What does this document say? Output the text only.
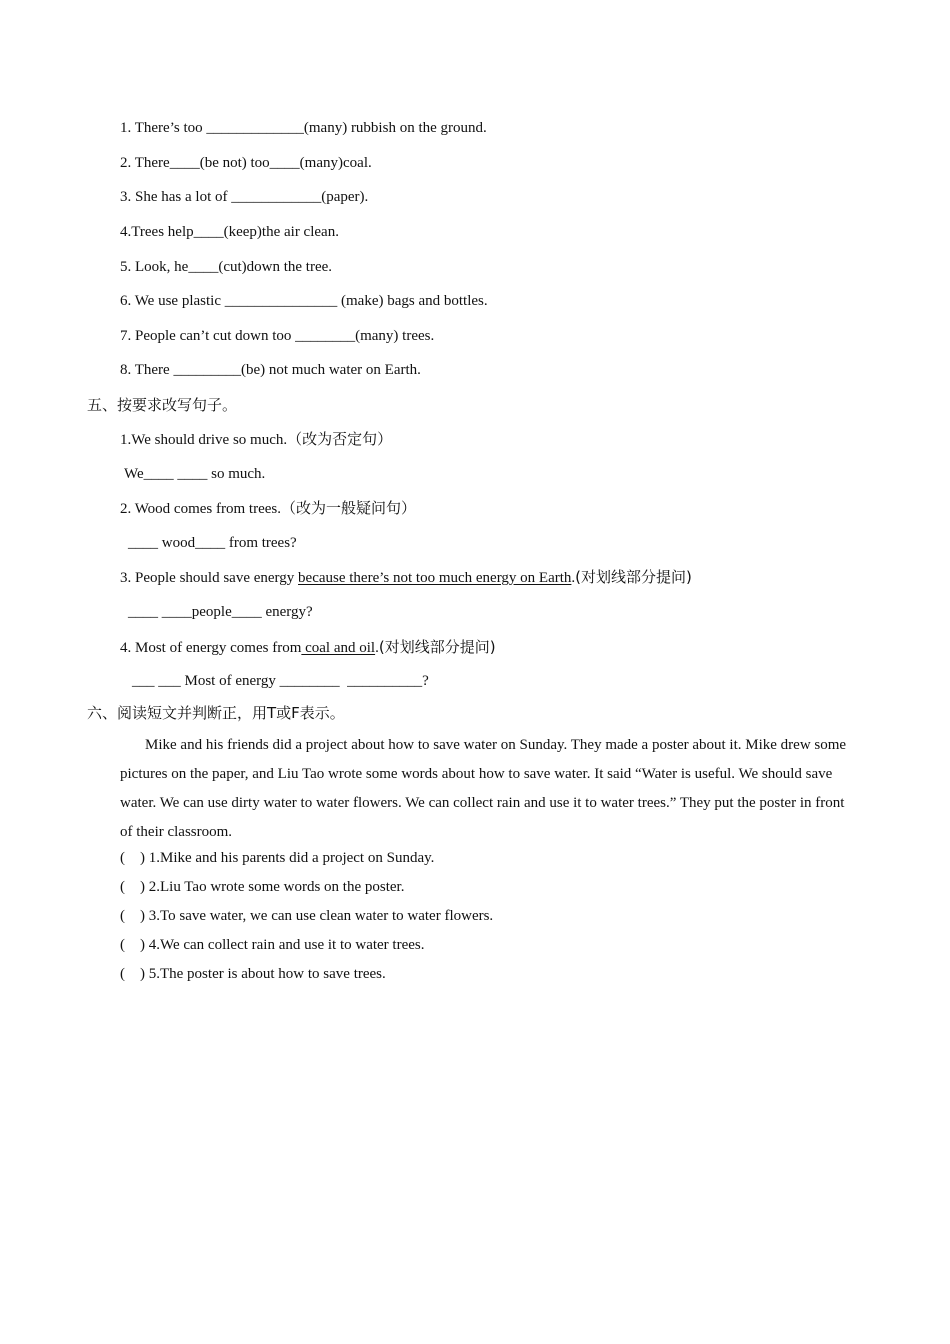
1. There’s too _____________(many) rubbish on the ground.
2. There____(be not) too____(many)coal.
3. She has a lot of ____________(paper).
4.Trees help____(keep)the air clean.
5. Look, he____(cut)down the tree.
6. We use plastic _______________ (make) bags and bottles.
7. People can’t cut down too ________(many) trees.
8. There _________(be) not much water on Earth.
五、按要求改写句子。
1.We should drive so much.（改为否定句）
We____ ____ so much.
2. Wood comes from trees.（改为一般疑问句）
____ wood____ from trees?
3. People should save energy because there’s not too much energy on Earth.(对划线部分提问)
____ ____people____ energy?
4. Most of energy comes from coal and oil.(对划线部分提问)
___ ___ Most of energy ________  __________?
六、阅读短文并判断正，用T或F表示。
Mike and his friends did a project about how to save water on Sunday. They made a poster about it. Mike drew some pictures on the paper, and Liu Tao wrote some words about how to save water. It said “Water is useful. We should save water. We can use dirty water to water flowers. We can collect rain and use it to water trees.” They put the poster in front of their classroom.
(    ) 1.Mike and his parents did a project on Sunday.
(    ) 2.Liu Tao wrote some words on the poster.
(    ) 3.To save water, we can use clean water to water flowers.
(    ) 4.We can collect rain and use it to water trees.
(    ) 5.The poster is about how to save trees.
